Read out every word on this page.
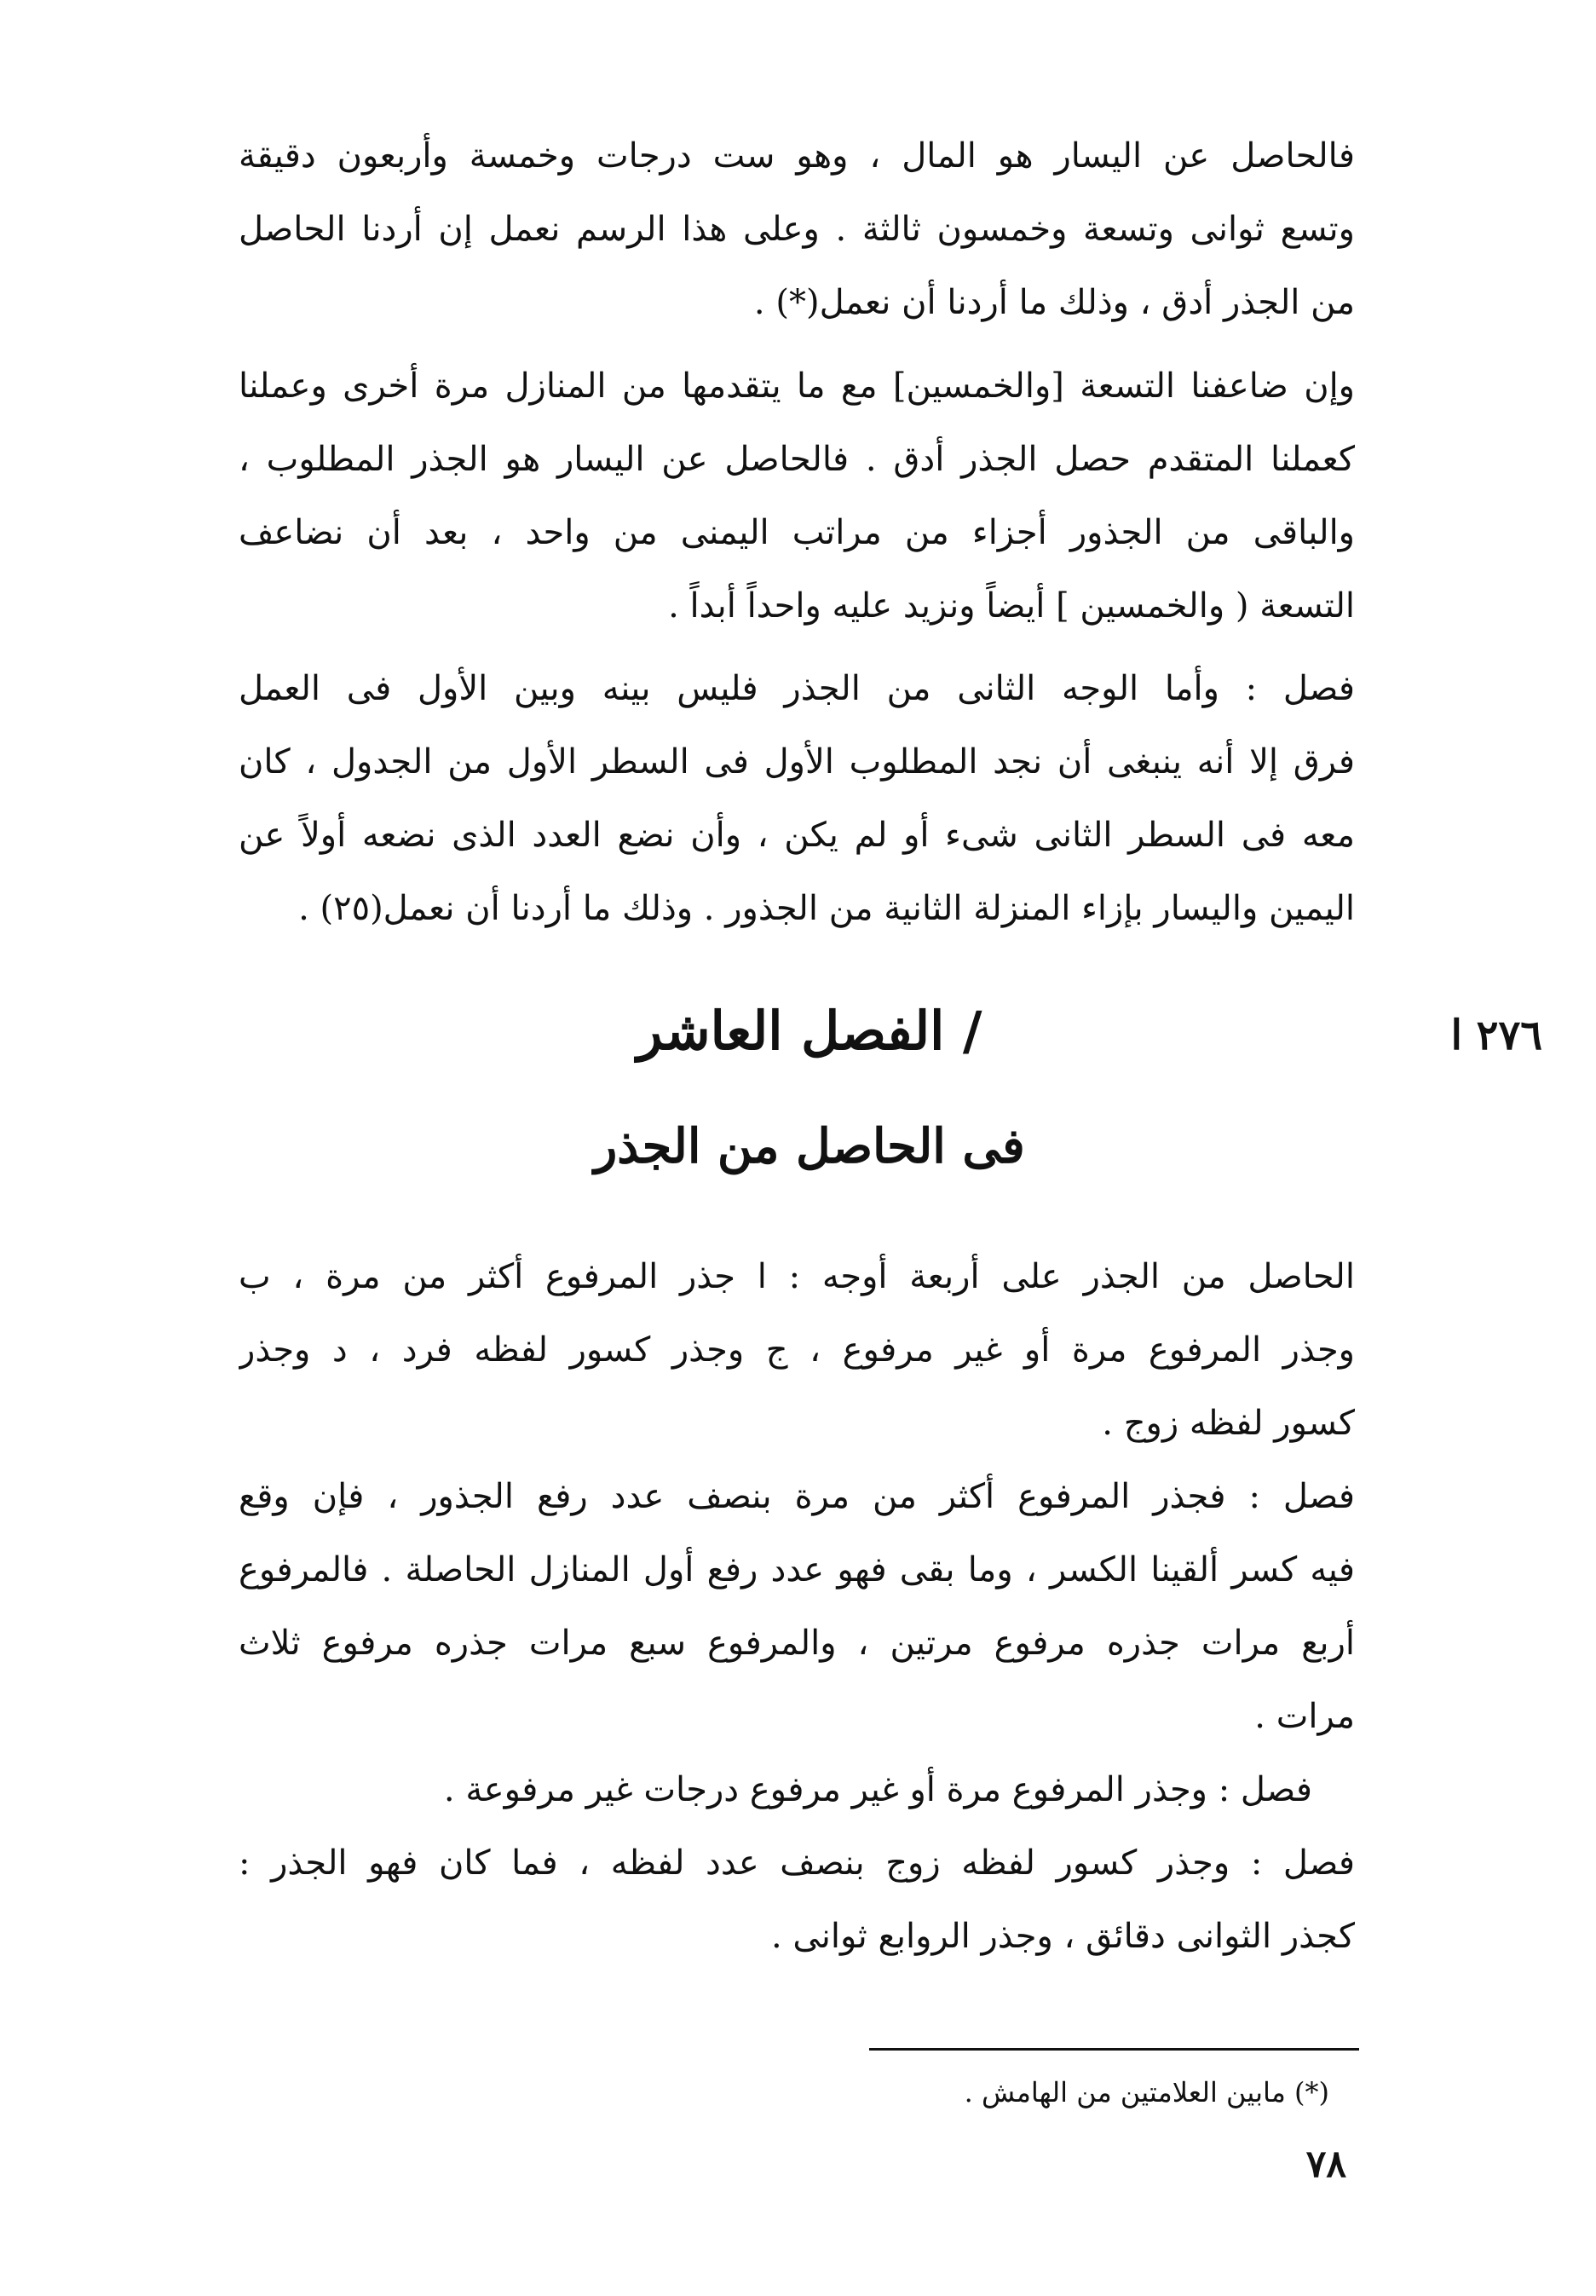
فالحاصل عن اليسار هو المال ، وهو ست درجات وخمسة وأربعون دقيقة
وتسع ثوانى وتسعة وخمسون ثالثة . وعلى هذا الرسم نعمل إن أردنا الحاصل
من الجذر أدق ، وذلك ما أردنا أن نعمل(*) .
وإن ضاعفنا التسعة [والخمسين] مع ما يتقدمها من المنازل مرة أخرى وعملنا
كعملنا المتقدم حصل الجذر أدق . فالحاصل عن اليسار هو الجذر المطلوب ،
والباقى من الجذور أجزاء من مراتب اليمنى من واحد ، بعد أن نضاعف
التسعة ( والخمسين ] أيضاً ونزيد عليه واحداً أبداً .
فصل : وأما الوجه الثانى من الجذر فليس بينه وبين الأول فى العمل
فرق إلا أنه ينبغى أن نجد المطلوب الأول فى السطر الأول من الجدول ، كان
معه فى السطر الثانى شىء أو لم يكن ، وأن نضع العدد الذى نضعه أولاً عن
اليمين واليسار بإزاء المنزلة الثانية من الجذور . وذلك ما أردنا أن نعمل(٢٥) .
٢٧٦ ا
/ الفصل العاشر
فى الحاصل من الجذر
الحاصل من الجذر على أربعة أوجه : ا جذر المرفوع أكثر من مرة ، ب
وجذر المرفوع مرة أو غير مرفوع ، ج وجذر كسور لفظه فرد ، د وجذر
كسور لفظه زوج .
فصل : فجذر المرفوع أكثر من مرة بنصف عدد رفع الجذور ، فإن وقع
فيه كسر ألقينا الكسر ، وما بقى فهو عدد رفع أول المنازل الحاصلة . فالمرفوع
أربع مرات جذره مرفوع مرتين ، والمرفوع سبع مرات جذره مرفوع ثلاث
مرات .
فصل : وجذر المرفوع مرة أو غير مرفوع درجات غير مرفوعة .
فصل : وجذر كسور لفظه زوج بنصف عدد لفظه ، فما كان فهو الجذر :
كجذر الثوانى دقائق ، وجذر الروابع ثوانى .
(*) مابين العلامتين من الهامش .
٧٨
